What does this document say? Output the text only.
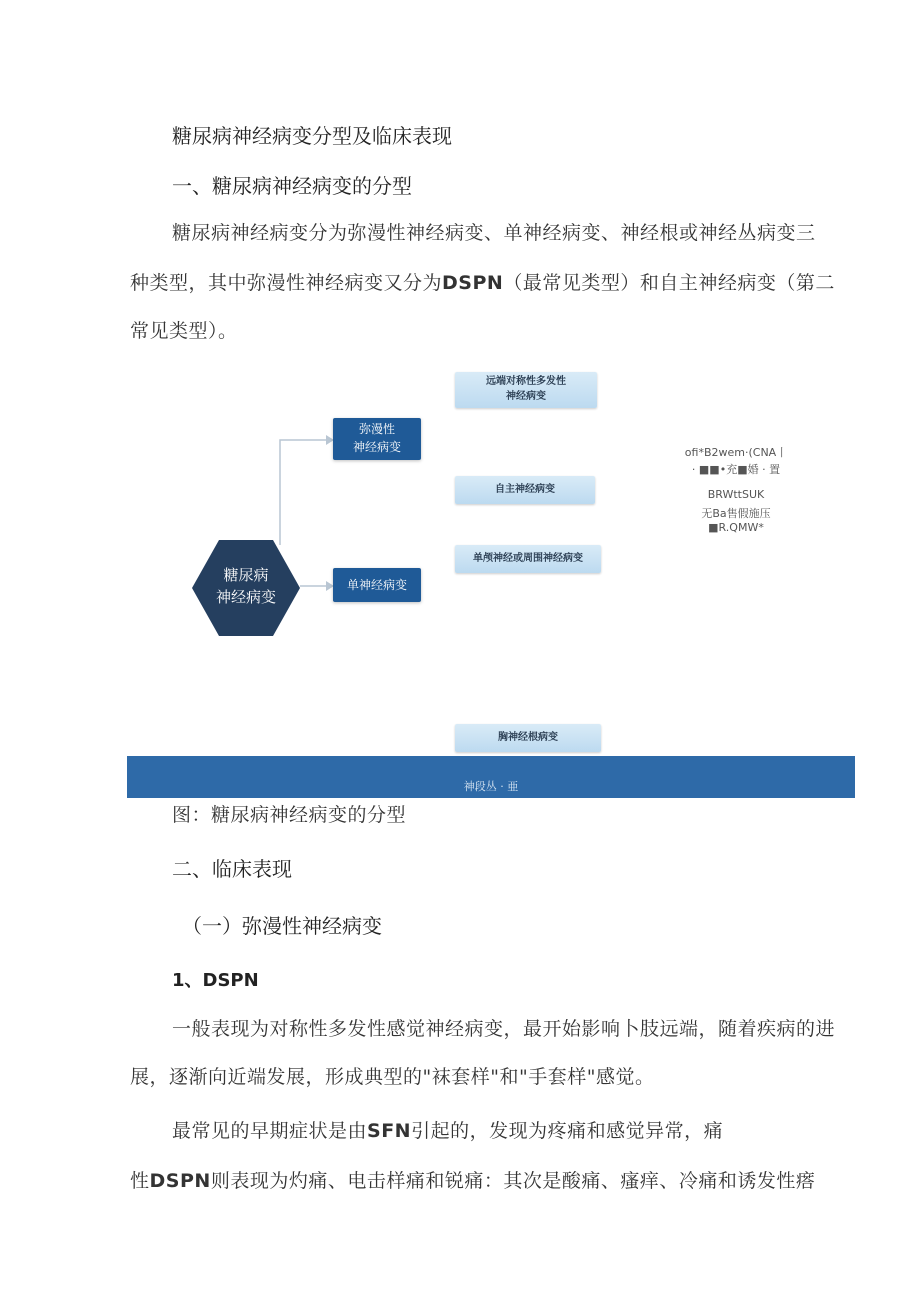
糖尿病神经病变分型及临床表现
一、糖尿病神经病变的分型
糖尿病神经病变分为弥漫性神经病变、单神经病变、神经根或神经丛病变三
种类型，其中弥漫性神经病变又分为DSPN（最常见类型）和自主神经病变（第二
常见类型）。
糖尿病
神经病变
弥漫性
神经病变
单神经病变
远端对称性多发性
神经病变
自主神经病变
单颅神经或周围神经病变
胸神经根病变
ofi*B2wem·(CNA丨
· ■■•充■婚 · 置
BRWttSUK
无Ba售假施压
■R.QMW*
神段丛 · 亜
图：糖尿病神经病变的分型
二、临床表现
（一）弥漫性神经病变
1、DSPN
一般表现为对称性多发性感觉神经病变，最开始影响卜肢远端，随着疾病的进
展，逐渐向近端发展，形成典型的"袜套样"和"手套样"感觉。
最常见的早期症状是由SFN引起的，发现为疼痛和感觉异常，痛
性DSPN则表现为灼痛、电击样痛和锐痛：其次是酸痛、瘙痒、冷痛和诱发性瘩
